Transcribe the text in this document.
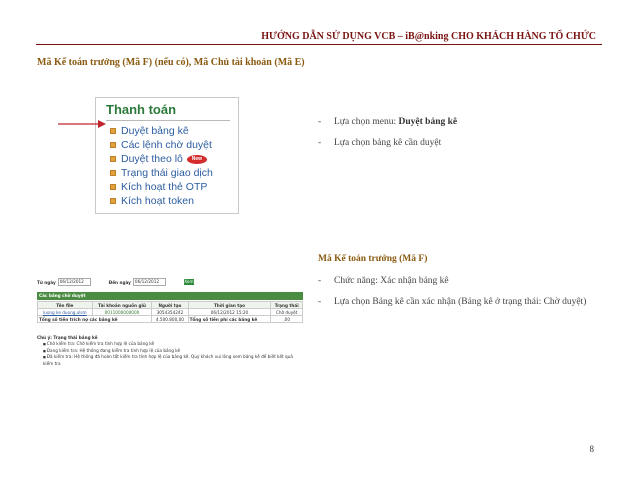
HƯỚNG DẪN SỬ DỤNG VCB – iB@nking CHO KHÁCH HÀNG TỔ CHỨC
Mã Kế toán trưởng (Mã F) (nếu có), Mã Chủ tài khoản (Mã E)
Thanh toán
Duyệt bảng kê
Các lệnh chờ duyệt
Duyệt theo lô	New
Trạng thái giao dịch
Kích hoạt thẻ OTP
Kích hoạt token
- Lựa chọn menu: Duyệt bảng kê
- Lựa chọn bảng kê cần duyệt
Mã Kế toán trưởng (Mã F)
- Chức năng: Xác nhận bảng kê
- Lựa chọn Bảng kê cần xác nhận (Bảng kê ở trạng thái: Chờ duyệt)
Từ ngày 06/12/2012	Đến ngày 06/12/2012	Xem
Các bảng chờ duyệt
Tên file	Tài khoản nguồn giữ	Người tạo	Thời gian tạo	Trạng thái
luong ke duong.xlsm	0011000000000	3054354242	06/12/2012 15:20	Chờ duyệt
Tổng số tiền trích nợ các bảng kê		4.500.800,00	Tổng số tiền phí các bảng kê	,00
Chú ý: Trạng thái bảng kê
■ Chờ kiểm tra: Chờ kiểm tra tính hợp lệ của bảng kê
■ Đang kiểm tra: Hệ thống đang kiểm tra tính hợp lệ của bảng kê
■ Đã kiểm tra: Hệ thống đã hoàn tất kiểm tra tính hợp lệ của bảng kê. Quý khách vui lòng xem bảng kê để biết kết quả kiểm tra
8
